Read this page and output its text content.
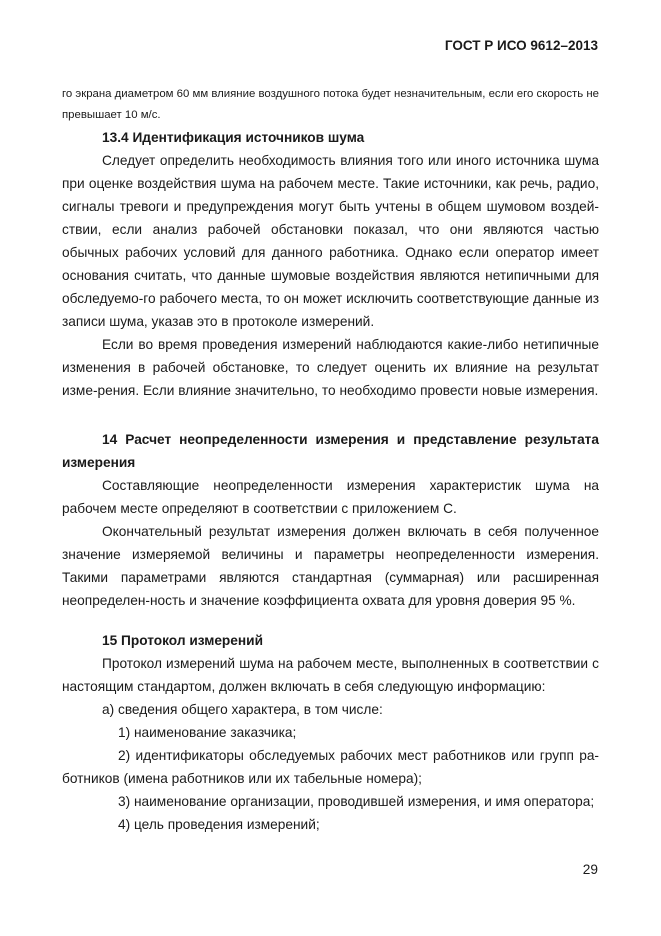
ГОСТ Р ИСО 9612–2013

го экрана диаметром 60 мм влияние воздушного потока будет незначительным, если его скорость не превышает 10 м/с.

13.4 Идентификация источников шума

Следует определить необходимость влияния того или иного источника шума при оценке воздействия шума на рабочем месте. Такие источники, как речь, радио, сигналы тревоги и предупреждения могут быть учтены в общем шумовом воздей-ствии, если анализ рабочей обстановки показал, что они являются частью обычных рабочих условий для данного работника. Однако если оператор имеет основания считать, что данные шумовые воздействия являются нетипичными для обследуемо-го рабочего места, то он может исключить соответствующие данные из записи шума, указав это в протоколе измерений.

Если во время проведения измерений наблюдаются какие-либо нетипичные изменения в рабочей обстановке, то следует оценить их влияние на результат изме-рения. Если влияние значительно, то необходимо провести новые измерения.

14 Расчет неопределенности измерения и представление результата измерения

Составляющие неопределенности измерения характеристик шума на рабочем месте определяют в соответствии с приложением С.

Окончательный результат измерения должен включать в себя полученное значение измеряемой величины и параметры неопределенности измерения. Такими параметрами являются стандартная (суммарная) или расширенная неопределен-ность и значение коэффициента охвата для уровня доверия 95 %.

15 Протокол измерений

Протокол измерений шума на рабочем месте, выполненных в соответствии с настоящим стандартом, должен включать в себя следующую информацию:

а) сведения общего характера, в том числе:

1) наименование заказчика;

2) идентификаторы обследуемых рабочих мест работников или групп ра-ботников (имена работников или их табельные номера);

3) наименование организации, проводившей измерения, и имя оператора;

4) цель проведения измерений;

29
